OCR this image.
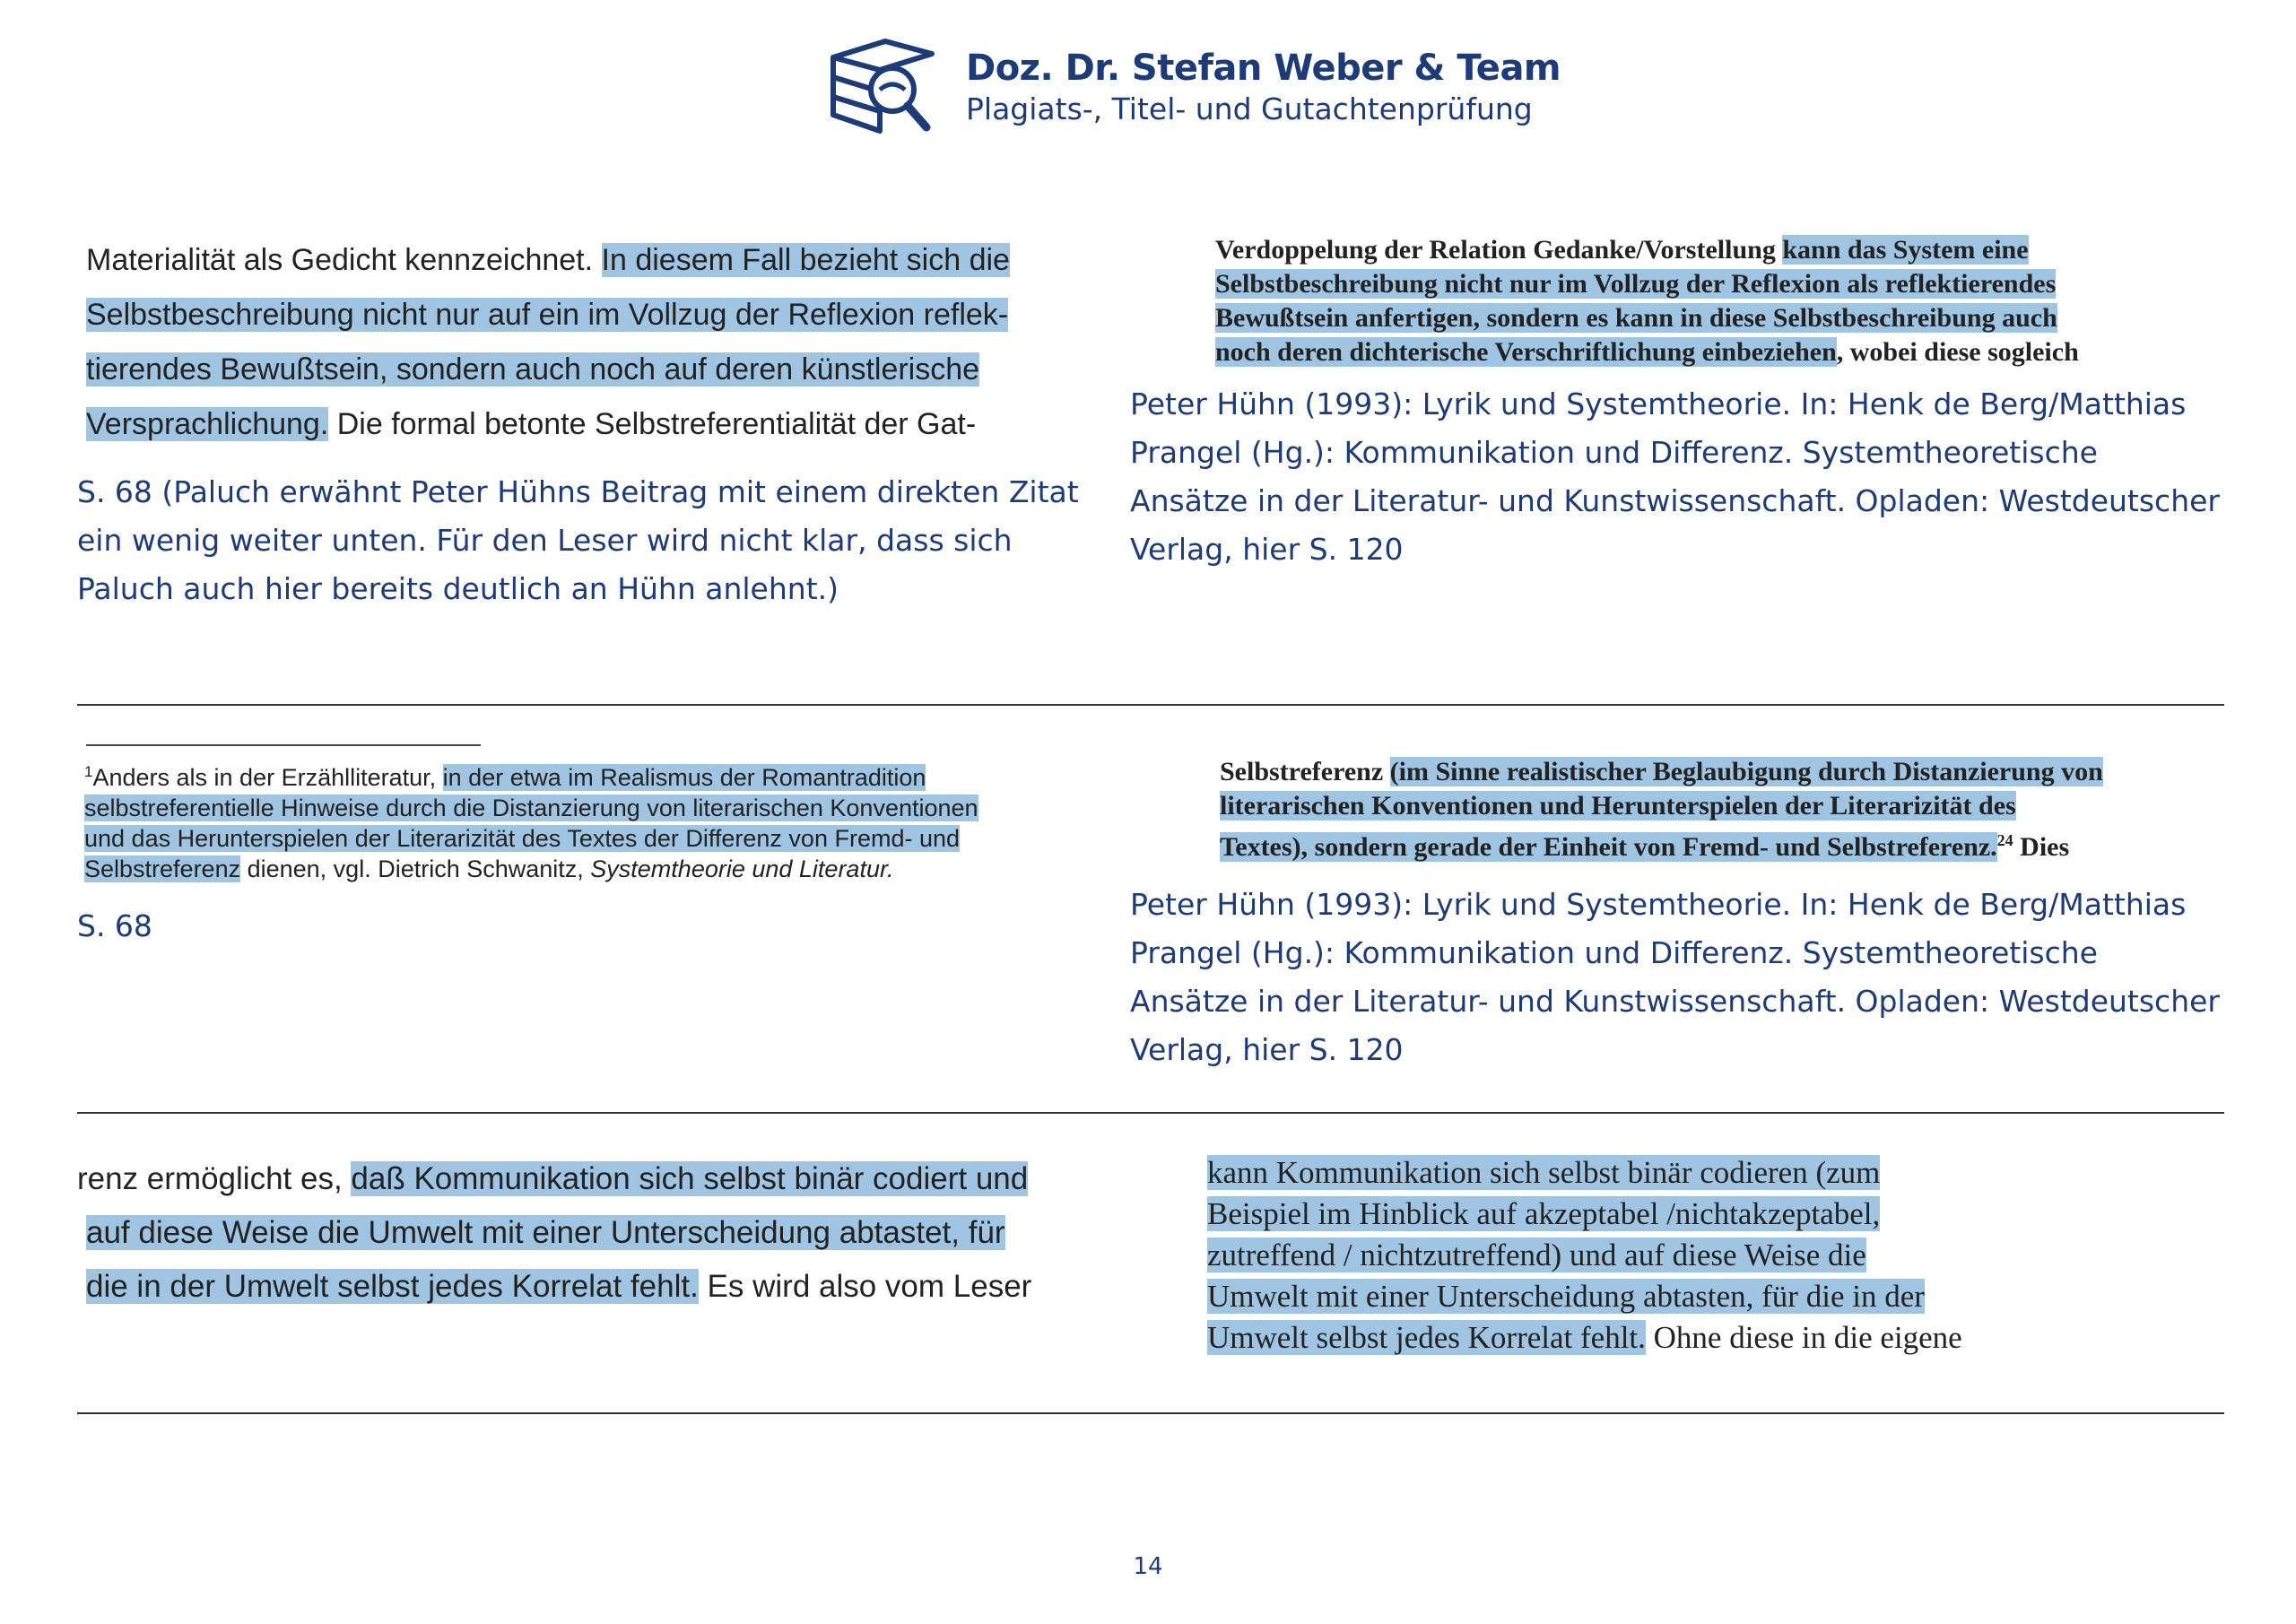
Doz. Dr. Stefan Weber & Team
Plagiats-, Titel- und Gutachtenprüfung
Materialität als Gedicht kennzeichnet. In diesem Fall bezieht sich die
Selbstbeschreibung nicht nur auf ein im Vollzug der Reflexion reflek-
tierendes Bewußtsein, sondern auch noch auf deren künstlerische
Versprachlichung. Die formal betonte Selbstreferentialität der Gat-
S. 68 (Paluch erwähnt Peter Hühns Beitrag mit einem direkten Zitat ein wenig weiter unten. Für den Leser wird nicht klar, dass sich Paluch auch hier bereits deutlich an Hühn anlehnt.)
Verdoppelung der Relation Gedanke/Vorstellung kann das System eine
Selbstbeschreibung nicht nur im Vollzug der Reflexion als reflektierendes
Bewußtsein anfertigen, sondern es kann in diese Selbstbeschreibung auch
noch deren dichterische Verschriftlichung einbeziehen, wobei diese sogleich
Peter Hühn (1993): Lyrik und Systemtheorie. In: Henk de Berg/Matthias Prangel (Hg.): Kommunikation und Differenz. Systemtheoretische Ansätze in der Literatur- und Kunstwissenschaft. Opladen: Westdeutscher Verlag, hier S. 120
$^1$Anders als in der Erzählliteratur, in der etwa im Realismus der Romantradition
selbstreferentielle Hinweise durch die Distanzierung von literarischen Konventionen
und das Herunterspielen der Literarizität des Textes der Differenz von Fremd- und
Selbstreferenz dienen, vgl. Dietrich Schwanitz, Systemtheorie und Literatur.
S. 68
Selbstreferenz (im Sinne realistischer Beglaubigung durch Distanzierung von
literarischen Konventionen und Herunterspielen der Literarizität des
Textes), sondern gerade der Einheit von Fremd- und Selbstreferenz.$^{24}$ Dies
Peter Hühn (1993): Lyrik und Systemtheorie. In: Henk de Berg/Matthias Prangel (Hg.): Kommunikation und Differenz. Systemtheoretische Ansätze in der Literatur- und Kunstwissenschaft. Opladen: Westdeutscher Verlag, hier S. 120
renz ermöglicht es, daß Kommunikation sich selbst binär codiert und
auf diese Weise die Umwelt mit einer Unterscheidung abtastet, für
die in der Umwelt selbst jedes Korrelat fehlt. Es wird also vom Leser
kann Kommunikation sich selbst binär codieren (zum
Beispiel im Hinblick auf akzeptabel /nichtakzeptabel,
zutreffend / nichtzutreffend) und auf diese Weise die
Umwelt mit einer Unterscheidung abtasten, für die in der
Umwelt selbst jedes Korrelat fehlt. Ohne diese in die eigene
14
